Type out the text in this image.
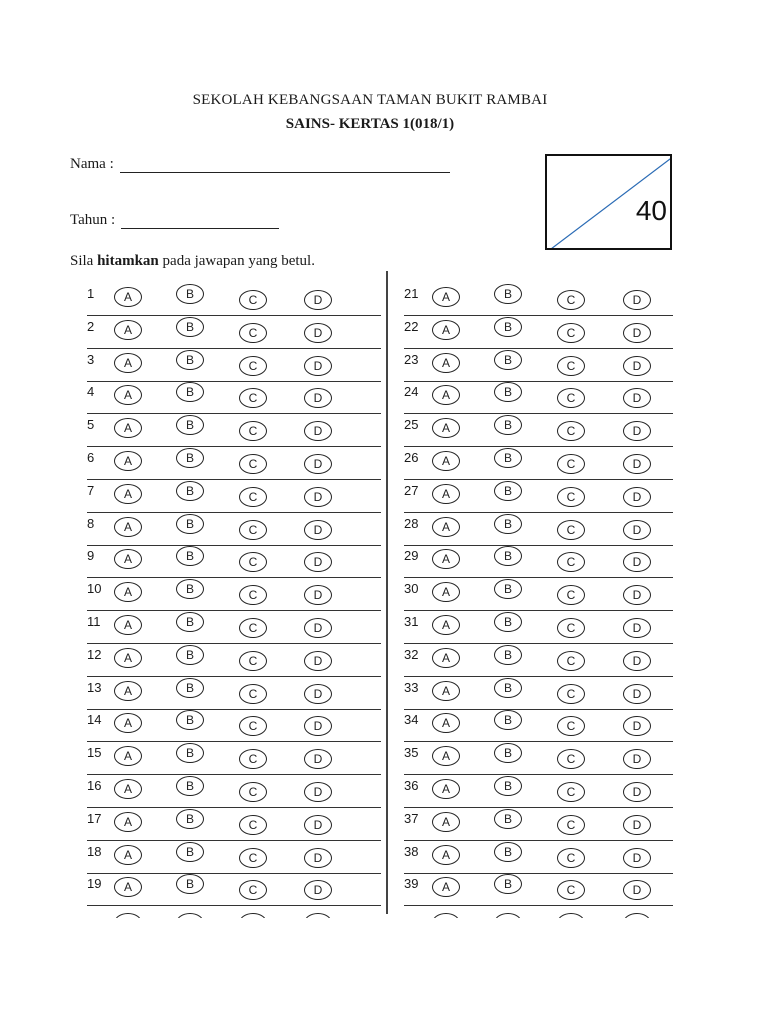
SEKOLAH KEBANGSAAN TAMAN BUKIT RAMBAI
SAINS- KERTAS 1(018/1)
Nama :
Tahun :	40
Sila hitamkan pada jawapan yang betul.
1	A	B	C	D
2	A	B	C	D
3	A	B	C	D
4	A	B	C	D
5	A	B	C	D
6	A	B	C	D
7	A	B	C	D
8	A	B	C	D
9	A	B	C	D
10	A	B	C	D
11	A	B	C	D
12	A	B	C	D
13	A	B	C	D
14	A	B	C	D
15	A	B	C	D
16	A	B	C	D
17	A	B	C	D
18	A	B	C	D
19	A	B	C	D
21	A	B	C	D
22	A	B	C	D
23	A	B	C	D
24	A	B	C	D
25	A	B	C	D
26	A	B	C	D
27	A	B	C	D
28	A	B	C	D
29	A	B	C	D
30	A	B	C	D
31	A	B	C	D
32	A	B	C	D
33	A	B	C	D
34	A	B	C	D
35	A	B	C	D
36	A	B	C	D
37	A	B	C	D
38	A	B	C	D
39	A	B	C	D
